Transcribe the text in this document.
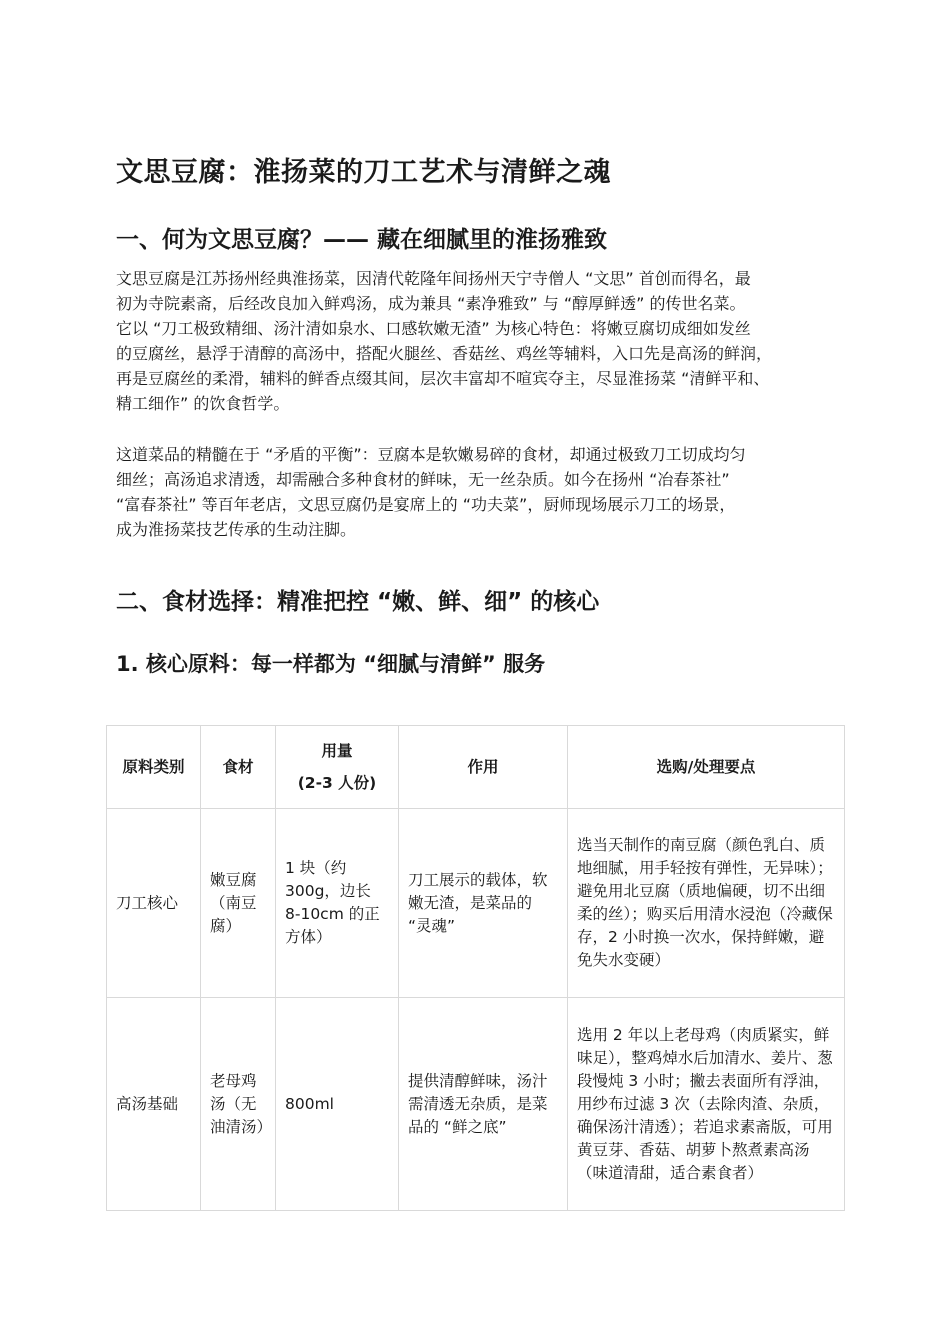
文思豆腐：淮扬菜的刀工艺术与清鲜之魂
一、何为文思豆腐？—— 藏在细腻里的淮扬雅致

文思豆腐是江苏扬州经典淮扬菜，因清代乾隆年间扬州天宁寺僧人 “文思” 首创而得名，最
初为寺院素斋，后经改良加入鲜鸡汤，成为兼具 “素净雅致” 与 “醇厚鲜透” 的传世名菜。
它以 “刀工极致精细、汤汁清如泉水、口感软嫩无渣” 为核心特色：将嫩豆腐切成细如发丝
的豆腐丝，悬浮于清醇的高汤中，搭配火腿丝、香菇丝、鸡丝等辅料，入口先是高汤的鲜润，
再是豆腐丝的柔滑，辅料的鲜香点缀其间，层次丰富却不喧宾夺主，尽显淮扬菜 “清鲜平和、
精工细作” 的饮食哲学。

这道菜品的精髓在于 “矛盾的平衡”：豆腐本是软嫩易碎的食材，却通过极致刀工切成均匀
细丝；高汤追求清透，却需融合多种食材的鲜味，无一丝杂质。如今在扬州 “冶春茶社”
“富春茶社” 等百年老店，文思豆腐仍是宴席上的 “功夫菜”，厨师现场展示刀工的场景，
成为淮扬菜技艺传承的生动注脚。

二、食材选择：精准把控 “嫩、鲜、细” 的核心
1. 核心原料：每一样都为 “细腻与清鲜” 服务
原料类别	食材	用量
(2-3 人份)	作用	选购/处理要点
刀工核心	嫩豆腐（南豆腐）	1 块（约 300g，边长 8-10cm 的正方体）	刀工展示的载体，软嫩无渣，是菜品的 “灵魂”	选当天制作的南豆腐（颜色乳白、质地细腻，用手轻按有弹性，无异味）；避免用北豆腐（质地偏硬，切不出细柔的丝）；购买后用清水浸泡（冷藏保存，2 小时换一次水，保持鲜嫩，避免失水变硬）
高汤基础	老母鸡汤（无油清汤）	800ml	提供清醇鲜味，汤汁需清透无杂质，是菜品的 “鲜之底”	选用 2 年以上老母鸡（肉质紧实，鲜味足），整鸡焯水后加清水、姜片、葱段慢炖 3 小时；撇去表面所有浮油，用纱布过滤 3 次（去除肉渣、杂质，确保汤汁清透）；若追求素斋版，可用黄豆芽、香菇、胡萝卜熬煮素高汤（味道清甜，适合素食者）
